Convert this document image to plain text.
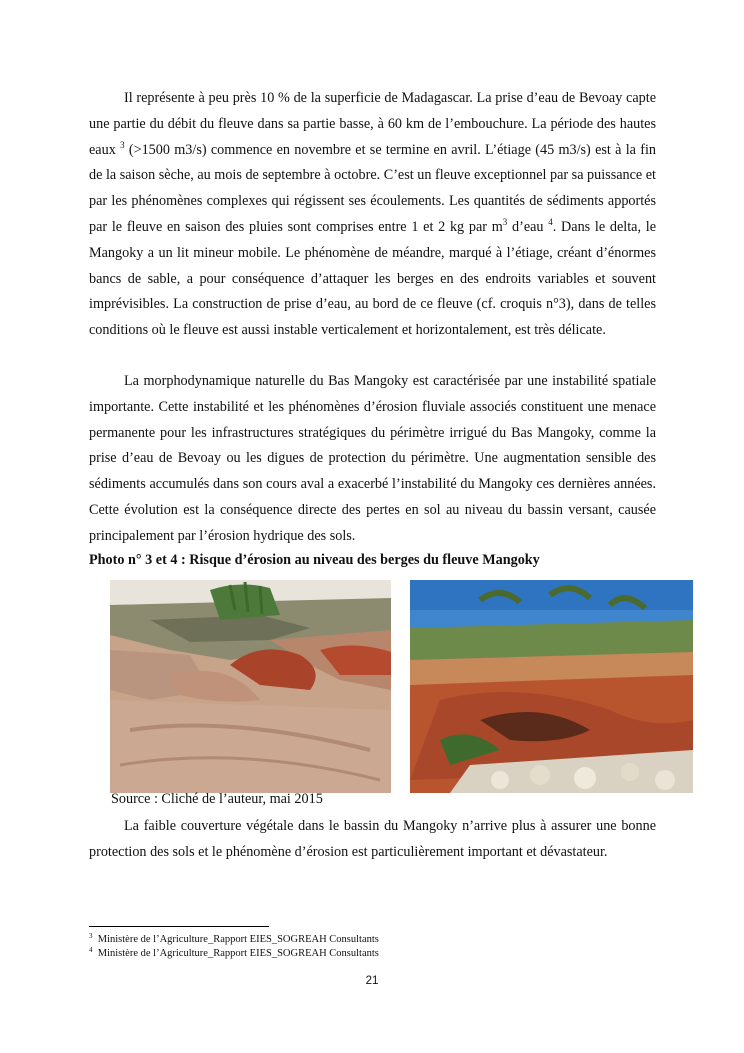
Il représente à peu près 10 % de la superficie de Madagascar. La prise d’eau de Bevoay capte une partie du débit du fleuve dans sa partie basse, à 60 km de l’embouchure. La période des hautes eaux $^3$ (>1500 m3/s) commence en novembre et se termine en avril. L’étiage (45 m3/s) est à la fin de la saison sèche, au mois de septembre à octobre. C’est un fleuve exceptionnel par sa puissance et par les phénomènes complexes qui régissent ses écoulements. Les quantités de sédiments apportés par le fleuve en saison des pluies sont comprises entre 1 et 2 kg par $m^3$ d’eau $^4$. Dans le delta, le Mangoky a un lit mineur mobile. Le phénomène de méandre, marqué à l’étiage, créant d’énormes bancs de sable, a pour conséquence d’attaquer les berges en des endroits variables et souvent imprévisibles. La construction de prise d’eau, au bord de ce fleuve (cf. croquis n°3), dans de telles conditions où le fleuve est aussi instable verticalement et horizontalement, est très délicate.

La morphodynamique naturelle du Bas Mangoky est caractérisée par une instabilité spatiale importante. Cette instabilité et les phénomènes d’érosion fluviale associés constituent une menace permanente pour les infrastructures stratégiques du périmètre irrigué du Bas Mangoky, comme la prise d’eau de Bevoay ou les digues de protection du périmètre. Une augmentation sensible des sédiments accumulés dans son cours aval a exacerbé l’instabilité du Mangoky ces dernières années. Cette évolution est la conséquence directe des pertes en sol au niveau du bassin versant, causée principalement par l’érosion hydrique des sols.

Photo n° 3 et 4 : Risque d’érosion au niveau des berges du fleuve Mangoky
Source : Cliché de l’auteur, mai 2015

La faible couverture végétale dans le bassin du Mangoky n’arrive plus à assurer une bonne protection des sols et le phénomène d’érosion est particulièrement important et dévastateur.

$^3$ Ministère de l’Agriculture_Rapport EIES_SOGREAH Consultants
$^4$ Ministère de l’Agriculture_Rapport EIES_SOGREAH Consultants
21
